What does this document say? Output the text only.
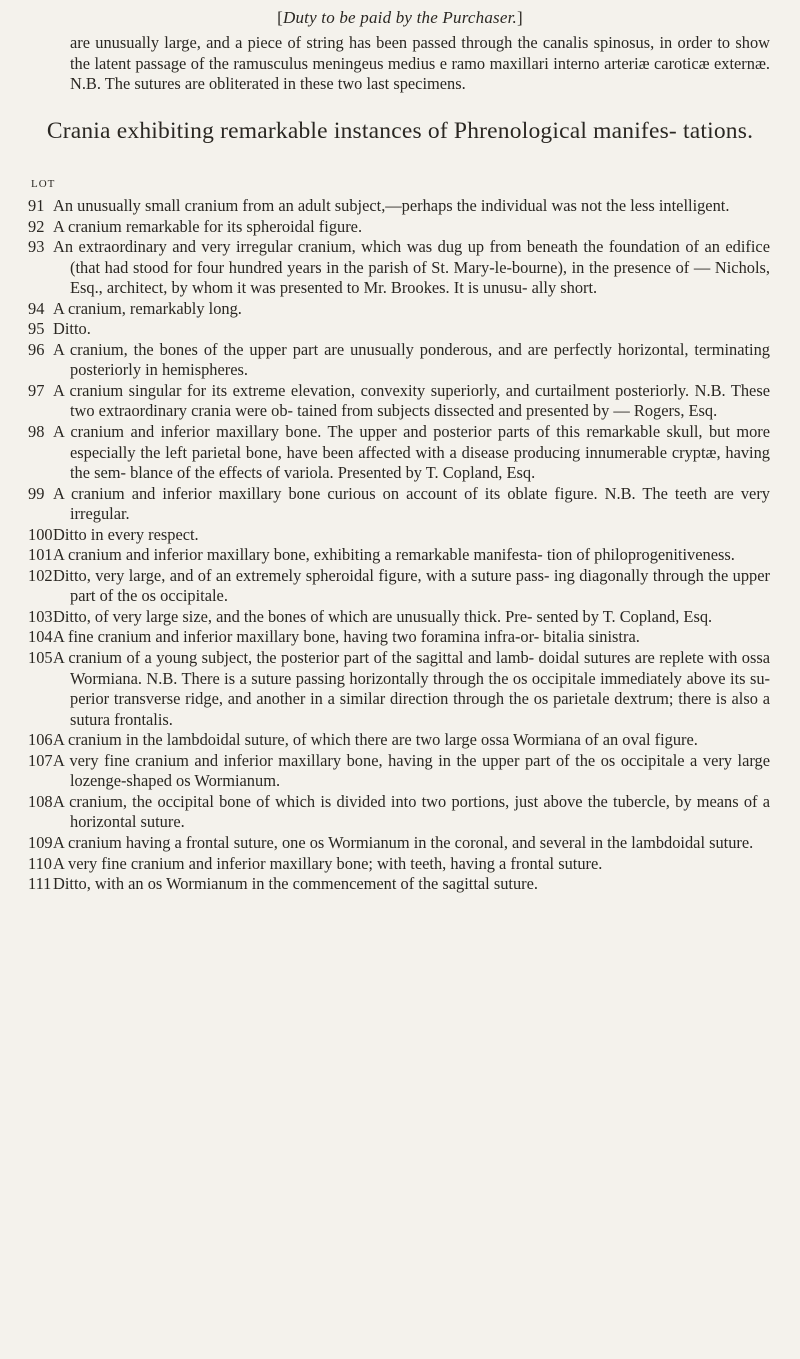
[Duty to be paid by the Purchaser.]
are unusually large, and a piece of string has been passed through the canalis spinosus, in order to show the latent passage of the ramusculus meningeus medius e ramo maxillari interno arteriæ caroticæ externæ. N.B. The sutures are obliterated in these two last specimens.
Crania exhibiting remarkable instances of Phrenological manifes- tations.
LOT
91 An unusually small cranium from an adult subject,—perhaps the individual was not the less intelligent.
92 A cranium remarkable for its spheroidal figure.
93 An extraordinary and very irregular cranium, which was dug up from beneath the foundation of an edifice (that had stood for four hundred years in the parish of St. Mary-le-bourne), in the presence of — Nichols, Esq., architect, by whom it was presented to Mr. Brookes. It is unusu- ally short.
94 A cranium, remarkably long.
95 Ditto.
96 A cranium, the bones of the upper part are unusually ponderous, and are perfectly horizontal, terminating posteriorly in hemispheres.
97 A cranium singular for its extreme elevation, convexity superiorly, and curtailment posteriorly. N.B. These two extraordinary crania were ob- tained from subjects dissected and presented by — Rogers, Esq.
98 A cranium and inferior maxillary bone. The upper and posterior parts of this remarkable skull, but more especially the left parietal bone, have been affected with a disease producing innumerable cryptæ, having the sem- blance of the effects of variola. Presented by T. Copland, Esq.
99 A cranium and inferior maxillary bone curious on account of its oblate figure. N.B. The teeth are very irregular.
100 Ditto in every respect.
101 A cranium and inferior maxillary bone, exhibiting a remarkable manifesta- tion of philoprogenitiveness.
102 Ditto, very large, and of an extremely spheroidal figure, with a suture pass- ing diagonally through the upper part of the os occipitale.
103 Ditto, of very large size, and the bones of which are unusually thick. Pre- sented by T. Copland, Esq.
104 A fine cranium and inferior maxillary bone, having two foramina infra-or- bitalia sinistra.
105 A cranium of a young subject, the posterior part of the sagittal and lamb- doidal sutures are replete with ossa Wormiana. N.B. There is a suture passing horizontally through the os occipitale immediately above its su- perior transverse ridge, and another in a similar direction through the os parietale dextrum; there is also a sutura frontalis.
106 A cranium in the lambdoidal suture, of which there are two large ossa Wormiana of an oval figure.
107 A very fine cranium and inferior maxillary bone, having in the upper part of the os occipitale a very large lozenge-shaped os Wormianum.
108 A cranium, the occipital bone of which is divided into two portions, just above the tubercle, by means of a horizontal suture.
109 A cranium having a frontal suture, one os Wormianum in the coronal, and several in the lambdoidal suture.
110 A very fine cranium and inferior maxillary bone; with teeth, having a frontal suture.
111 Ditto, with an os Wormianum in the commencement of the sagittal suture.
